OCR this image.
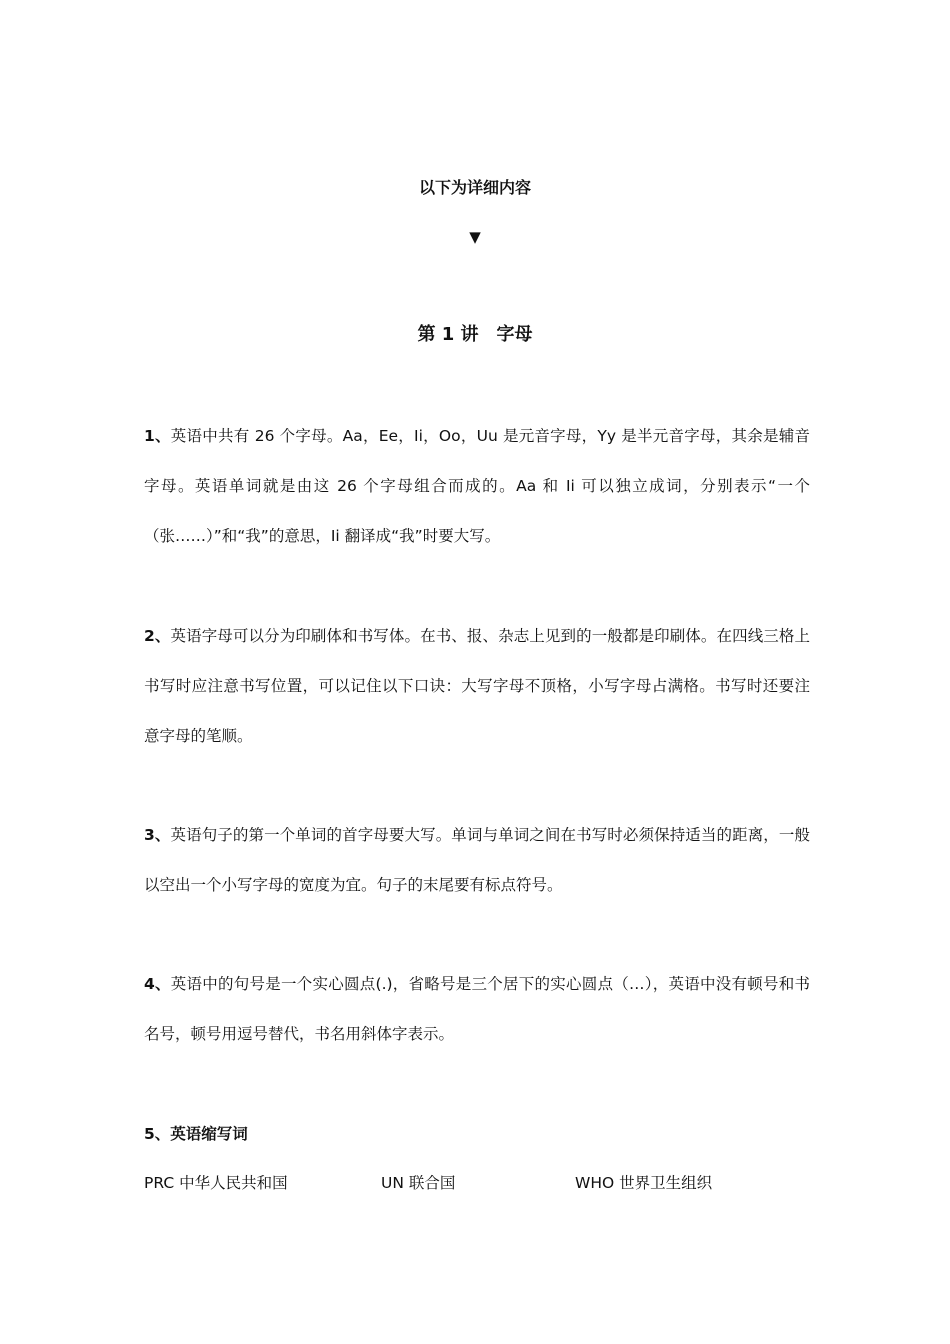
以下为详细内容
▼
第 1 讲　字母
1、英语中共有 26 个字母。Aa，Ee，Ii，Oo，Uu 是元音字母，Yy 是半元音字母，其余是辅音 字母。英语单词就是由这 26 个字母组合而成的。Aa 和 Ii 可以独立成词，分别表示“一个（张……）”和“我”的意思，Ii 翻译成“我”时要大写。
2、英语字母可以分为印刷体和书写体。在书、报、杂志上见到的一般都是印刷体。在四线三格上书写时应注意书写位置，可以记住以下口诀：大写字母不顶格，小写字母占满格。书写时还要注意字母的笔顺。
3、英语句子的第一个单词的首字母要大写。单词与单词之间在书写时必须保持适当的距离，一般以空出一个小写字母的宽度为宜。句子的末尾要有标点符号。
4、英语中的句号是一个实心圆点(.)，省略号是三个居下的实心圆点（…），英语中没有顿号和书名号，顿号用逗号替代，书名用斜体字表示。
5、英语缩写词
PRC 中华人民共和国	UN 联合国	WHO 世界卫生组织
